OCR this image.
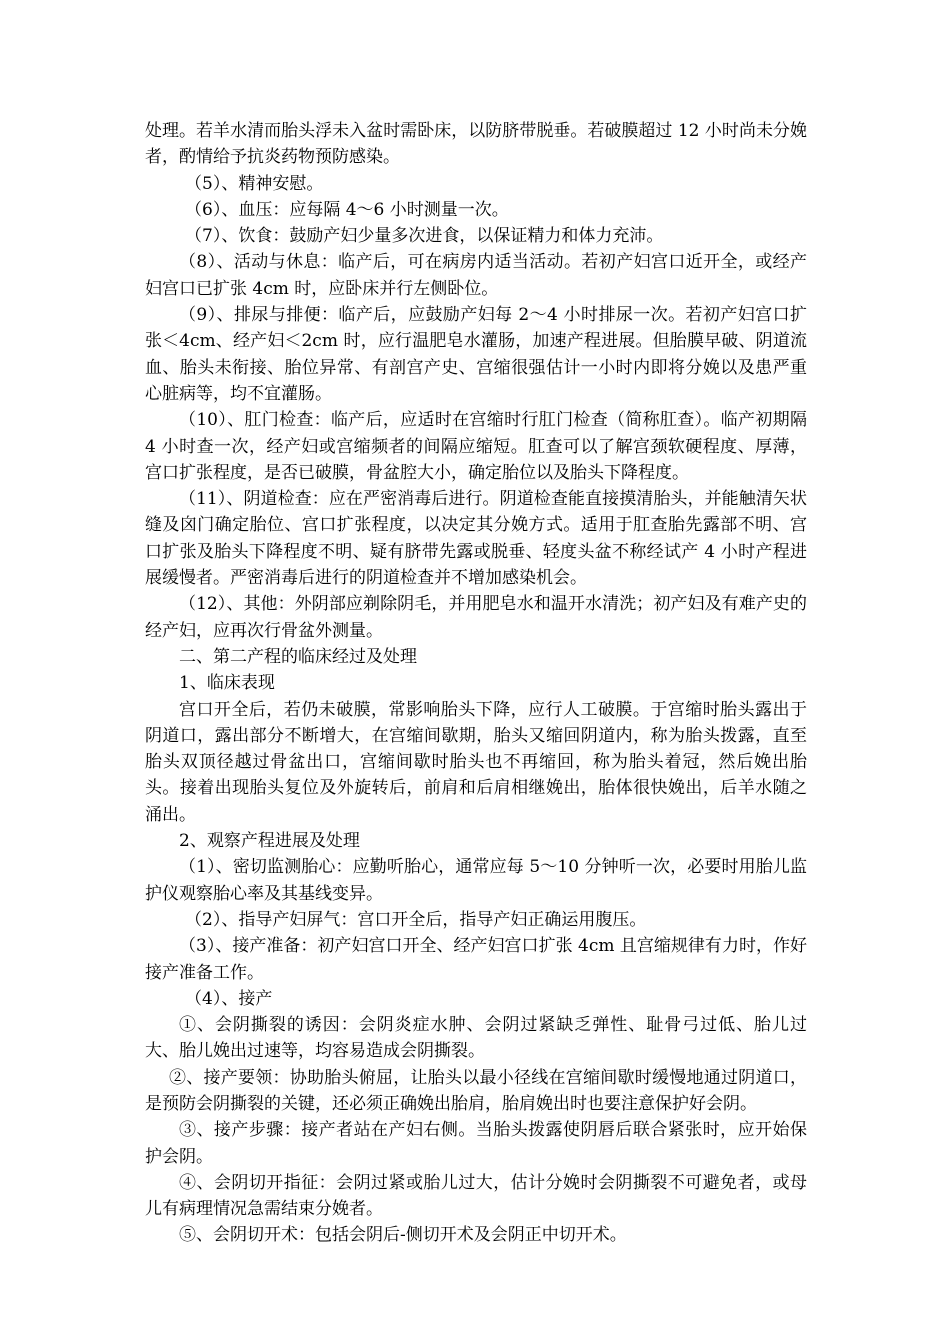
处理。若羊水清而胎头浮未入盆时需卧床，以防脐带脱垂。若破膜超过 12 小时尚未分娩者，酌情给予抗炎药物预防感染。

（5）、精神安慰。

（6）、血压：应每隔 4～6 小时测量一次。

（7）、饮食：鼓励产妇少量多次进食，以保证精力和体力充沛。

（8）、活动与休息：临产后，可在病房内适当活动。若初产妇宫口近开全，或经产妇宫口已扩张 4cm 时，应卧床并行左侧卧位。

（9）、排尿与排便：临产后，应鼓励产妇每 2～4 小时排尿一次。若初产妇宫口扩张＜4cm、经产妇＜2cm 时，应行温肥皂水灌肠，加速产程进展。但胎膜早破、阴道流血、胎头未衔接、胎位异常、有剖宫产史、宫缩很强估计一小时内即将分娩以及患严重心脏病等，均不宜灌肠。

（10）、肛门检查：临产后，应适时在宫缩时行肛门检查（简称肛查）。临产初期隔 4 小时查一次，经产妇或宫缩频者的间隔应缩短。肛查可以了解宫颈软硬程度、厚薄，宫口扩张程度，是否已破膜，骨盆腔大小，确定胎位以及胎头下降程度。

（11）、阴道检查：应在严密消毒后进行。阴道检查能直接摸清胎头，并能触清矢状缝及囟门确定胎位、宫口扩张程度，以决定其分娩方式。适用于肛查胎先露部不明、宫口扩张及胎头下降程度不明、疑有脐带先露或脱垂、轻度头盆不称经试产 4 小时产程进展缓慢者。严密消毒后进行的阴道检查并不增加感染机会。

（12）、其他：外阴部应剃除阴毛，并用肥皂水和温开水清洗；初产妇及有难产史的经产妇，应再次行骨盆外测量。

二、第二产程的临床经过及处理

1、临床表现

宫口开全后，若仍未破膜，常影响胎头下降，应行人工破膜。于宫缩时胎头露出于阴道口，露出部分不断增大，在宫缩间歇期，胎头又缩回阴道内，称为胎头拨露，直至胎头双顶径越过骨盆出口，宫缩间歇时胎头也不再缩回，称为胎头着冠，然后娩出胎头。接着出现胎头复位及外旋转后，前肩和后肩相继娩出，胎体很快娩出，后羊水随之涌出。

2、观察产程进展及处理

（1）、密切监测胎心：应勤听胎心，通常应每 5～10 分钟听一次，必要时用胎儿监护仪观察胎心率及其基线变异。

（2）、指导产妇屏气：宫口开全后，指导产妇正确运用腹压。

（3）、接产准备：初产妇宫口开全、经产妇宫口扩张 4cm 且宫缩规律有力时，作好接产准备工作。

（4）、接产

①、会阴撕裂的诱因：会阴炎症水肿、会阴过紧缺乏弹性、耻骨弓过低、胎儿过大、胎儿娩出过速等，均容易造成会阴撕裂。

②、接产要领：协助胎头俯屈，让胎头以最小径线在宫缩间歇时缓慢地通过阴道口，是预防会阴撕裂的关键，还必须正确娩出胎肩，胎肩娩出时也要注意保护好会阴。

③、接产步骤：接产者站在产妇右侧。当胎头拨露使阴唇后联合紧张时，应开始保护会阴。

④、会阴切开指征：会阴过紧或胎儿过大，估计分娩时会阴撕裂不可避免者，或母儿有病理情况急需结束分娩者。

⑤、会阴切开术：包括会阴后-侧切开术及会阴正中切开术。
